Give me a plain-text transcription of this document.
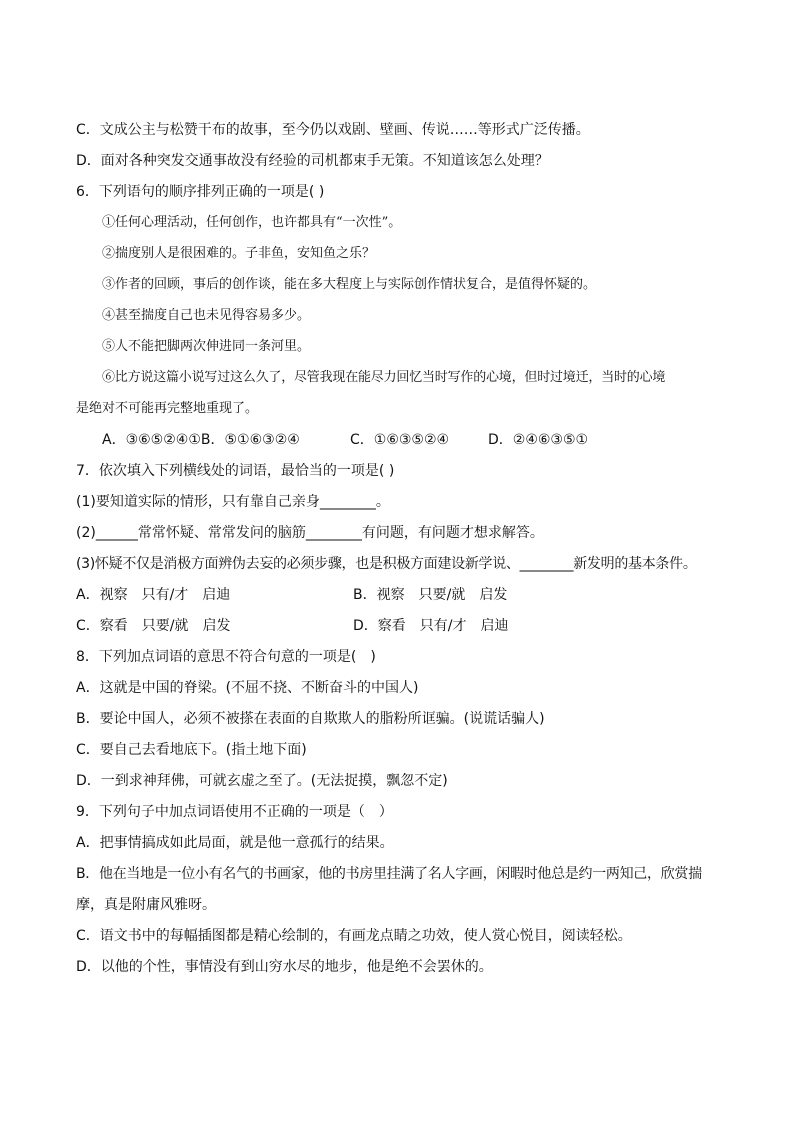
C．文成公主与松赞干布的故事，至今仍以戏剧、壁画、传说……等形式广泛传播。
D．面对各种突发交通事故没有经验的司机都束手无策。不知道该怎么处理？
6．下列语句的顺序排列正确的一项是( )
①任何心理活动，任何创作，也许都具有“一次性”。
②揣度别人是很困难的。子非鱼，安知鱼之乐？
③作者的回顾，事后的创作谈，能在多大程度上与实际创作情状复合，是值得怀疑的。
④甚至揣度自己也未见得容易多少。
⑤人不能把脚两次伸进同一条河里。
⑥比方说这篇小说写过这么久了，尽管我现在能尽力回忆当时写作的心境，但时过境迁，当时的心境
是绝对不可能再完整地重现了。
A．③⑥⑤②④①B．⑤①⑥③②④	C．①⑥③⑤②④	D．②④⑥③⑤①
7．依次填入下列横线处的词语，最恰当的一项是( )
(1)要知道实际的情形，只有靠自己亲身________。
(2)______常常怀疑、常常发问的脑筋________有问题，有问题才想求解答。
(3)怀疑不仅是消极方面辨伪去妄的必须步骤，也是积极方面建设新学说、________新发明的基本条件。
A．视察　只有/才　启迪	B．视察　只要/就　启发
C．察看　只要/就　启发	D．察看　只有/才　启迪
8．下列加点词语的意思不符合句意的一项是(　)
A．这就是中国的脊梁。(不屈不挠、不断奋斗的中国人)
B．要论中国人，必须不被搽在表面的自欺欺人的脂粉所诓骗。(说谎话骗人)
C．要自己去看地底下。(指土地下面)
D．一到求神拜佛，可就玄虚之至了。(无法捉摸，飘忽不定)
9．下列句子中加点词语使用不正确的一项是（　）
A．把事情搞成如此局面，就是他一意孤行的结果。
B．他在当地是一位小有名气的书画家，他的书房里挂满了名人字画，闲暇时他总是约一两知己，欣赏揣
摩，真是附庸风雅呀。
C．语文书中的每幅插图都是精心绘制的，有画龙点睛之功效，使人赏心悦目，阅读轻松。
D．以他的个性，事情没有到山穷水尽的地步，他是绝不会罢休的。
